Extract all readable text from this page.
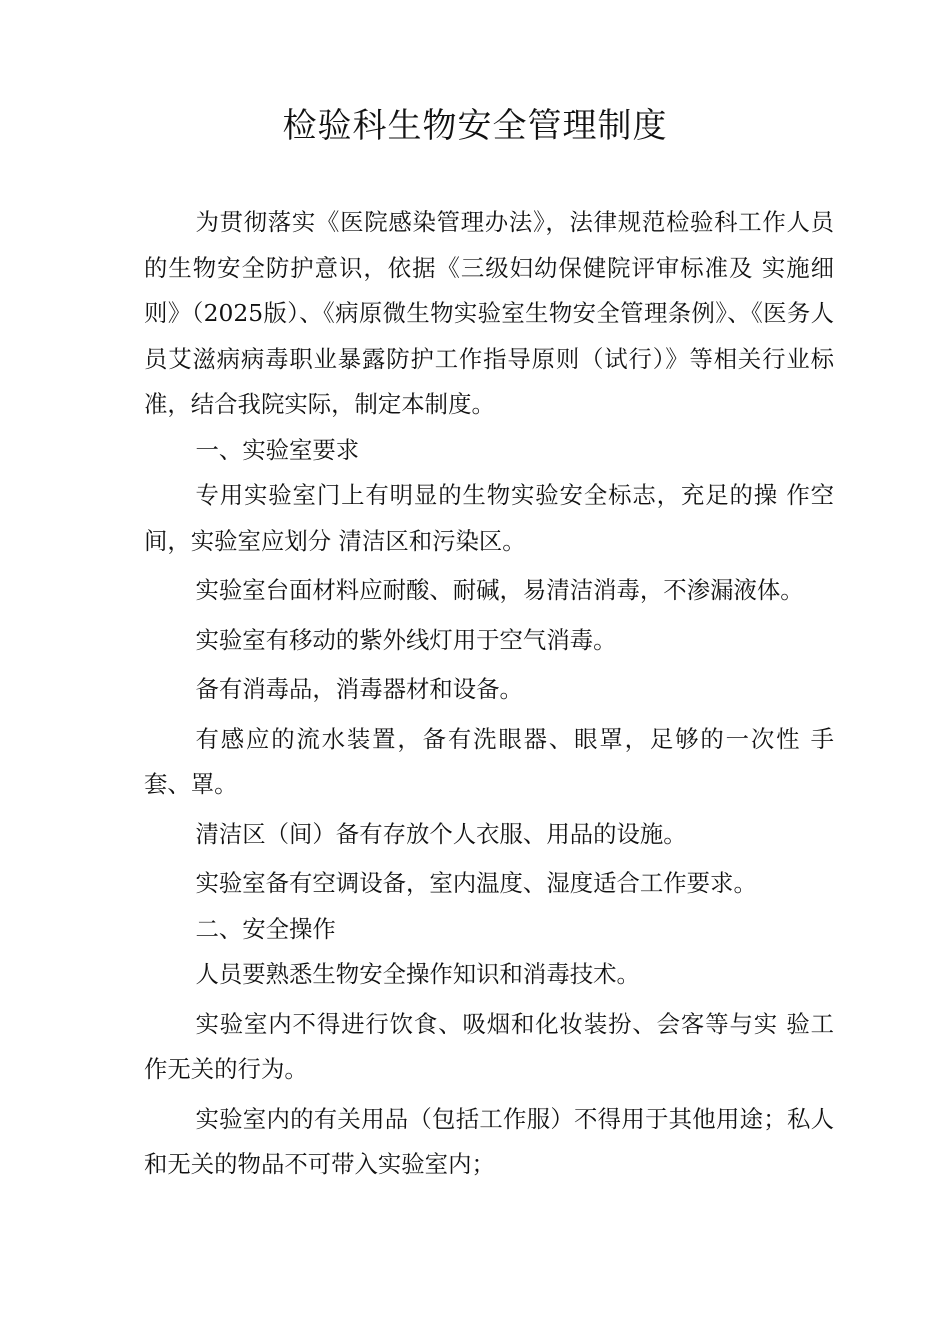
检验科生物安全管理制度

为贯彻落实《医院感染管理办法》，法律规范检验科工作人员的生物安全防护意识，依据《三级妇幼保健院评审标准及 实施细则》（2025版）、《病原微生物实验室生物安全管理条例》、《医务人员艾滋病病毒职业暴露防护工作指导原则（试行）》等相关行业标准，结合我院实际，制定本制度。

一、实验室要求

专用实验室门上有明显的生物实验安全标志，充足的操 作空间，实验室应划分 清洁区和污染区。

实验室台面材料应耐酸、耐碱，易清洁消毒，不渗漏液体。

实验室有移动的紫外线灯用于空气消毒。

备有消毒品，消毒器材和设备。

有感应的流水装置，备有洗眼器、眼罩，足够的一次性 手套、罩。

清洁区（间）备有存放个人衣服、用品的设施。

实验室备有空调设备，室内温度、湿度适合工作要求。

二、安全操作

人员要熟悉生物安全操作知识和消毒技术。

实验室内不得进行饮食、吸烟和化妆装扮、会客等与实 验工作无关的行为。

实验室内的有关用品（包括工作服）不得用于其他用途；私人和无关的物品不可带入实验室内；
